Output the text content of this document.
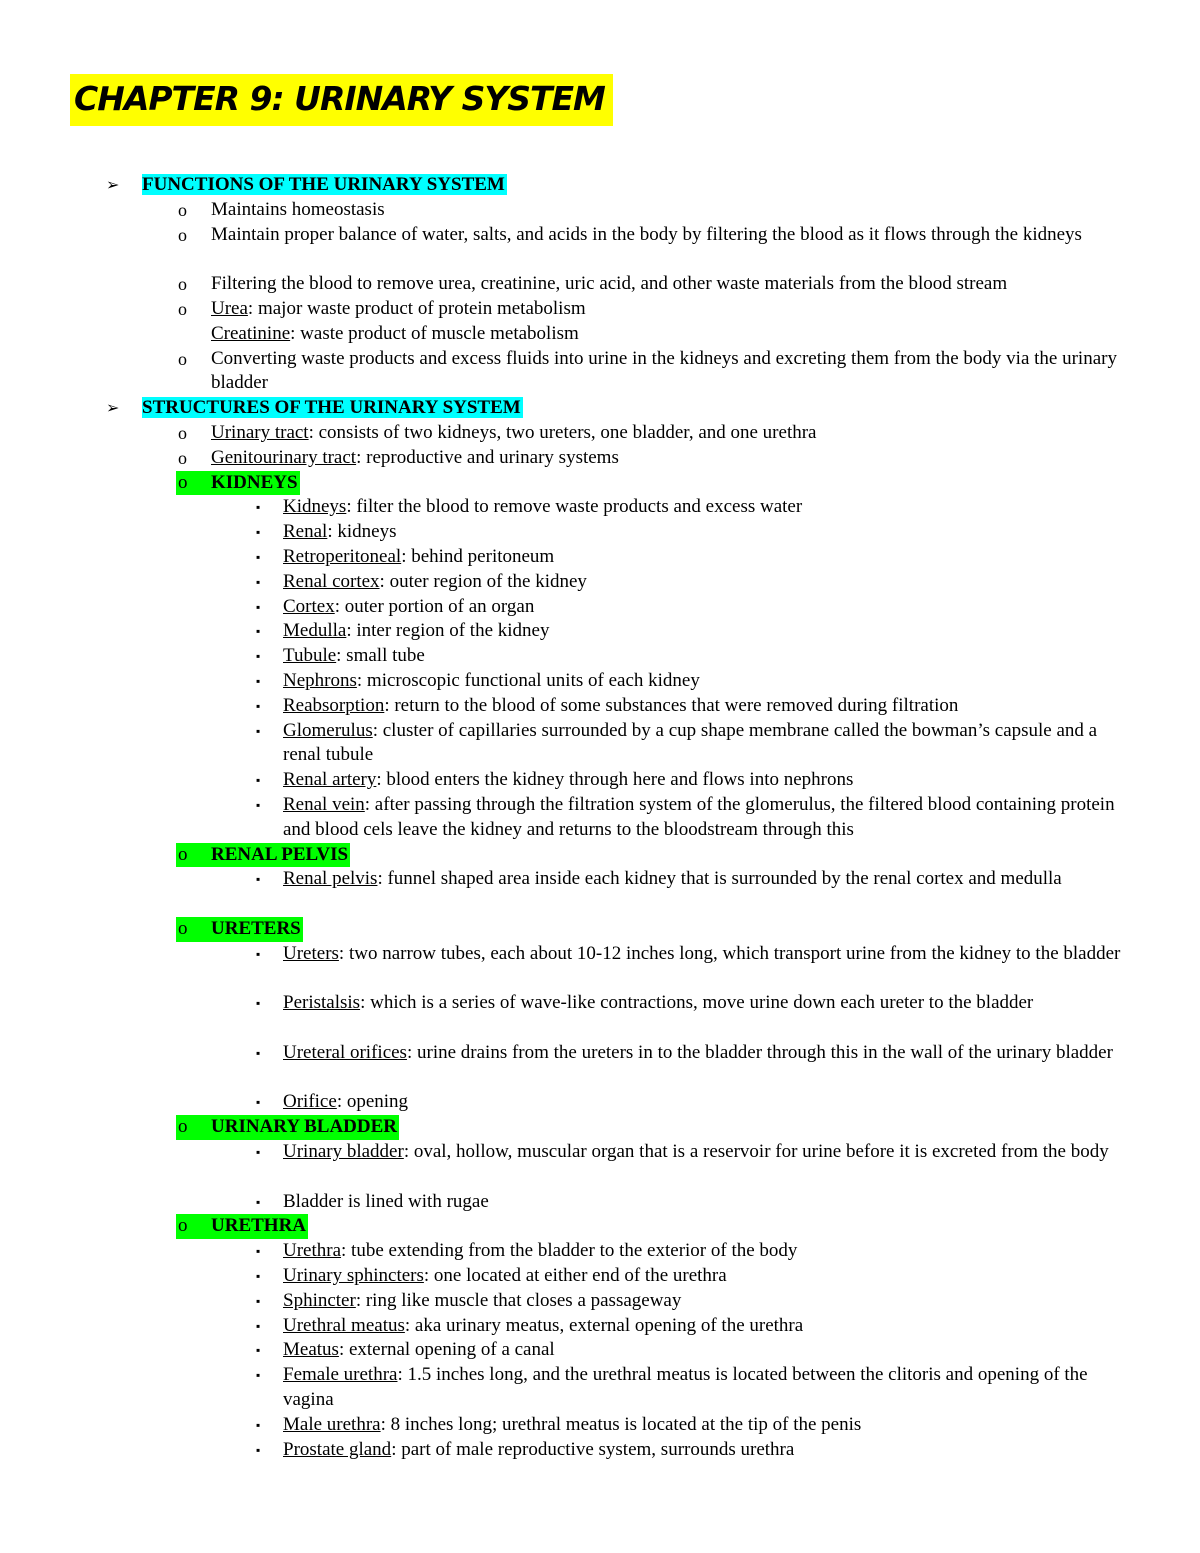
CHAPTER 9: URINARY SYSTEM
➢ FUNCTIONS OF THE URINARY SYSTEM
o Maintains homeostasis
o Maintain proper balance of water, salts, and acids in the body by filtering the blood as it flows through the kidneys
o Filtering the blood to remove urea, creatinine, uric acid, and other waste materials from the blood stream
o Urea: major waste product of protein metabolism
Creatinine: waste product of muscle metabolism
o Converting waste products and excess fluids into urine in the kidneys and excreting them from the body via the urinary bladder
➢ STRUCTURES OF THE URINARY SYSTEM
o Urinary tract: consists of two kidneys, two ureters, one bladder, and one urethra
o Genitourinary tract: reproductive and urinary systems
o KIDNEYS
▪ Kidneys: filter the blood to remove waste products and excess water
▪ Renal: kidneys
▪ Retroperitoneal: behind peritoneum
▪ Renal cortex: outer region of the kidney
▪ Cortex: outer portion of an organ
▪ Medulla: inter region of the kidney
▪ Tubule: small tube
▪ Nephrons: microscopic functional units of each kidney
▪ Reabsorption: return to the blood of some substances that were removed during filtration
▪ Glomerulus: cluster of capillaries surrounded by a cup shape membrane called the bowman’s capsule and a renal tubule
▪ Renal artery: blood enters the kidney through here and flows into nephrons
▪ Renal vein: after passing through the filtration system of the glomerulus, the filtered blood containing protein and blood cels leave the kidney and returns to the bloodstream through this
o RENAL PELVIS
▪ Renal pelvis: funnel shaped area inside each kidney that is surrounded by the renal cortex and medulla
o URETERS
▪ Ureters: two narrow tubes, each about 10-12 inches long, which transport urine from the kidney to the bladder
▪ Peristalsis: which is a series of wave-like contractions, move urine down each ureter to the bladder
▪ Ureteral orifices: urine drains from the ureters in to the bladder through this in the wall of the urinary bladder
▪ Orifice: opening
o URINARY BLADDER
▪ Urinary bladder: oval, hollow, muscular organ that is a reservoir for urine before it is excreted from the body
▪ Bladder is lined with rugae
o URETHRA
▪ Urethra: tube extending from the bladder to the exterior of the body
▪ Urinary sphincters: one located at either end of the urethra
▪ Sphincter: ring like muscle that closes a passageway
▪ Urethral meatus: aka urinary meatus, external opening of the urethra
▪ Meatus: external opening of a canal
▪ Female urethra: 1.5 inches long, and the urethral meatus is located between the clitoris and opening of the vagina
▪ Male urethra: 8 inches long; urethral meatus is located at the tip of the penis
▪ Prostate gland: part of male reproductive system, surrounds urethra
